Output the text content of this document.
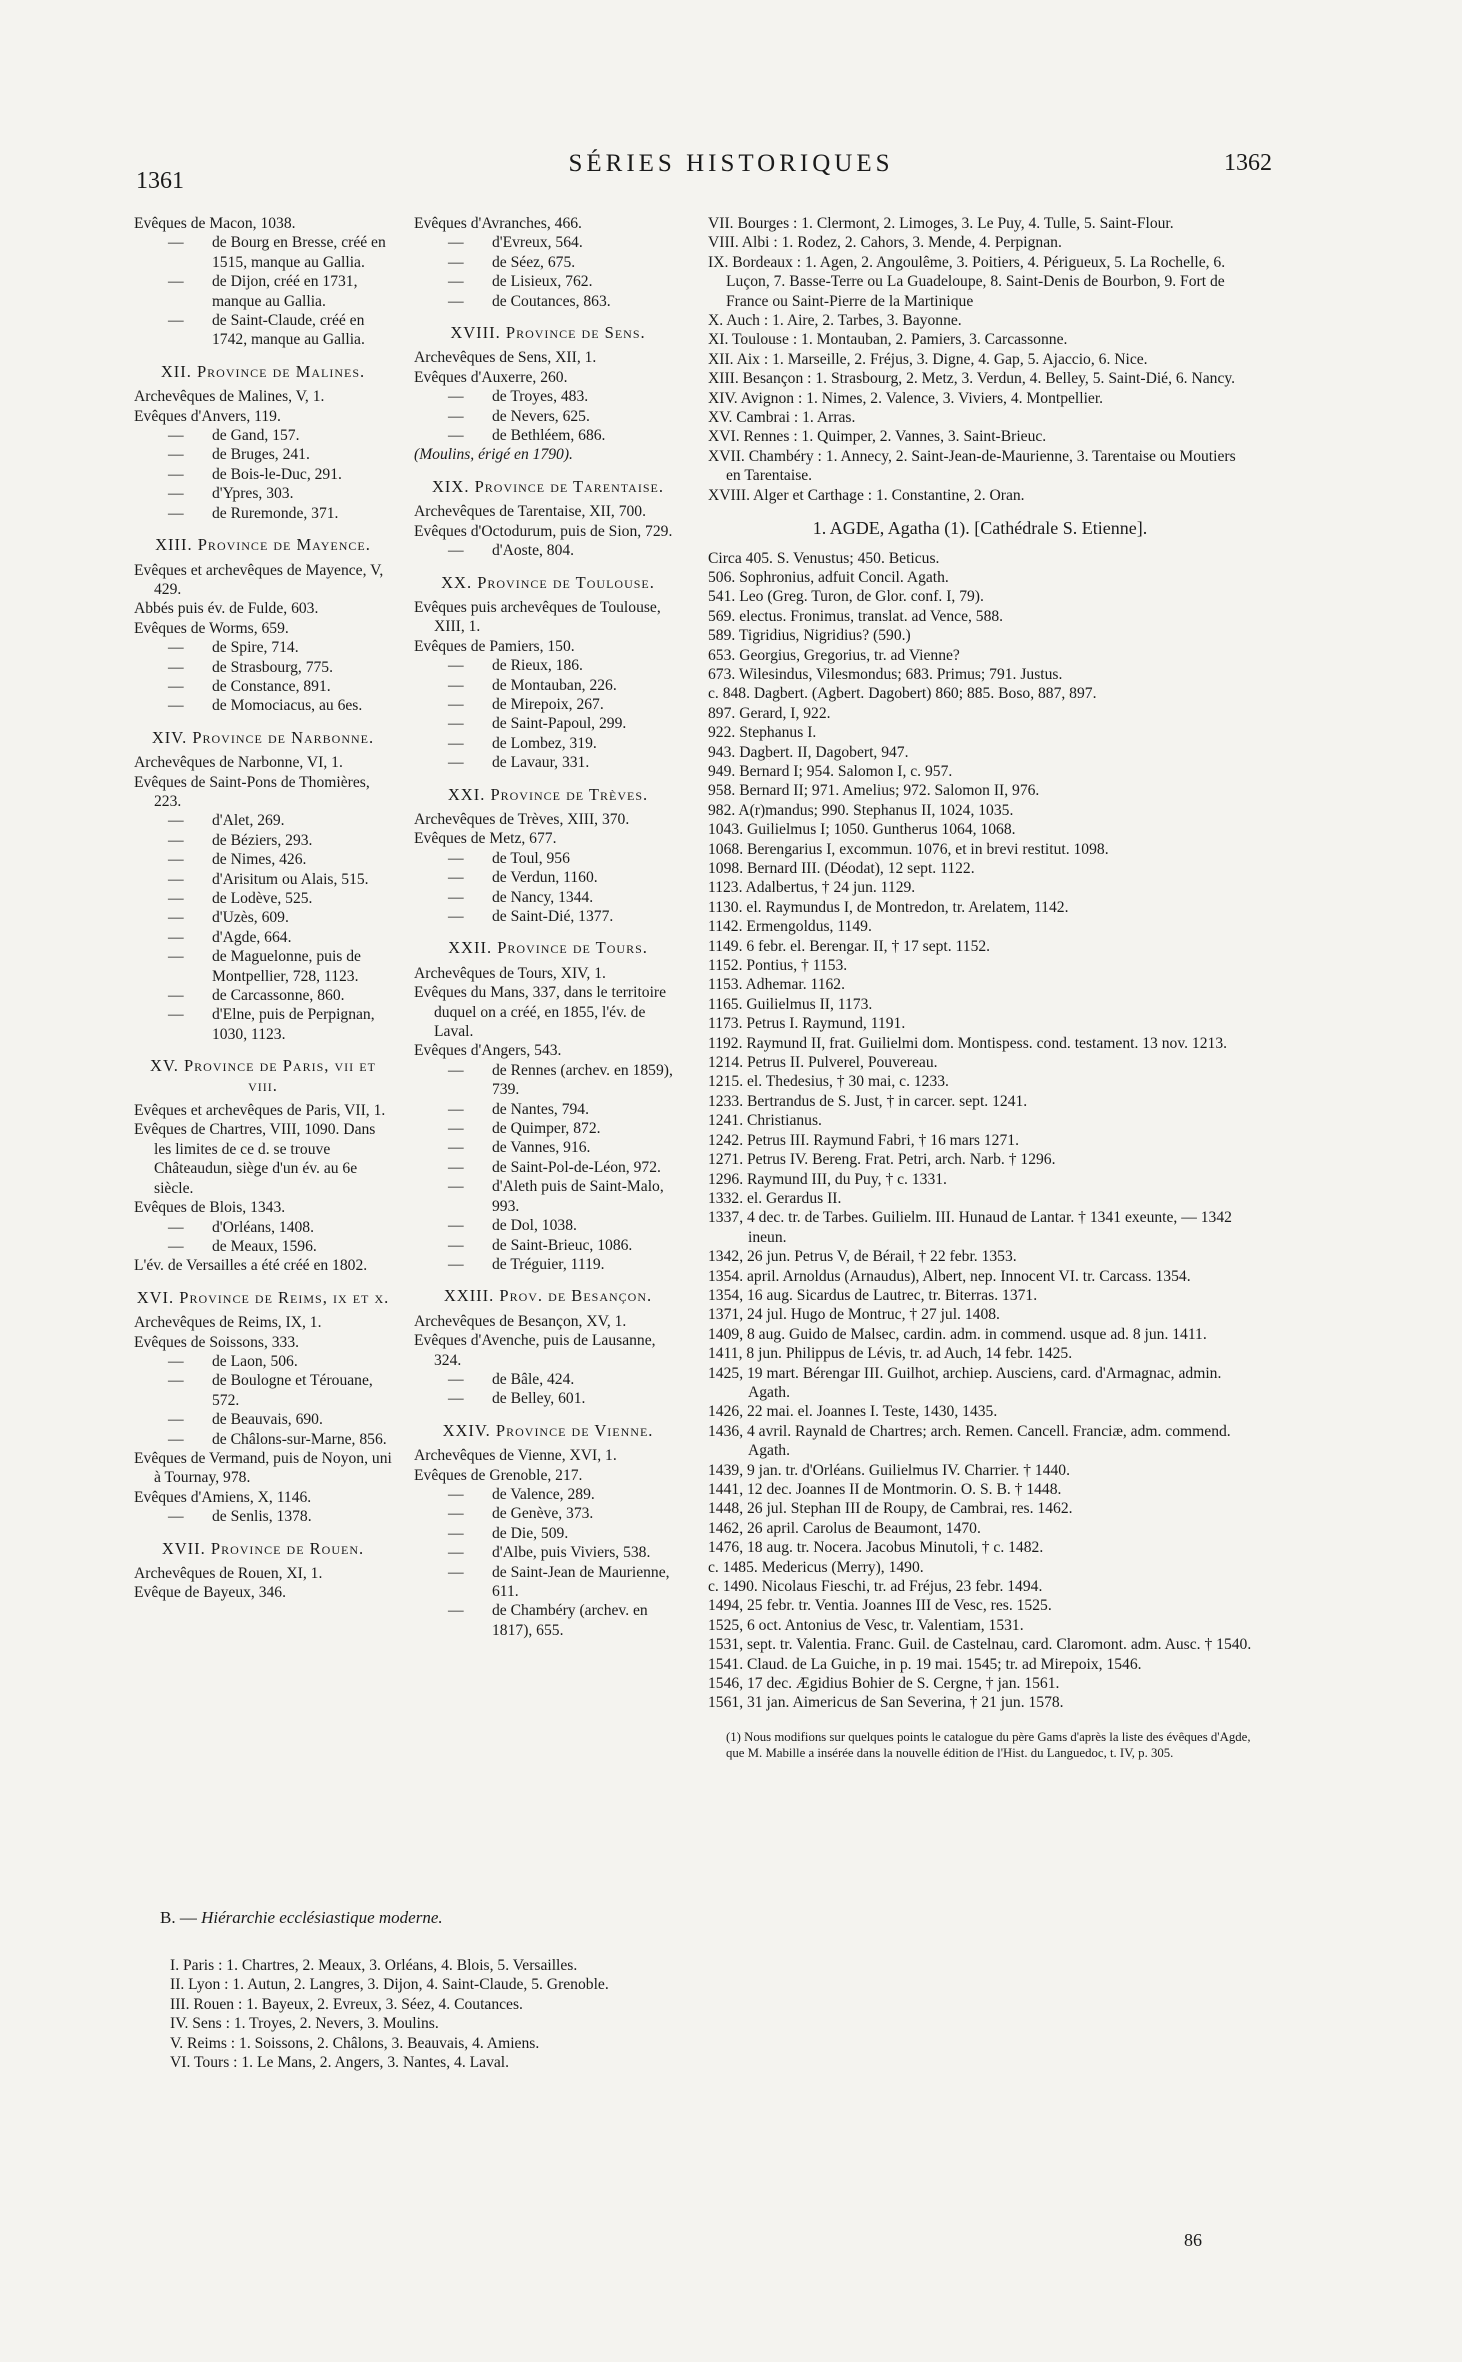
1361
SÉRIES HISTORIQUES	1362

Evêques de Macon, 1038.

— de Bourg en Bresse, créé en 1515, manque au Gallia.

— de Dijon, créé en 1731, manque au Gallia.

— de Saint-Claude, créé en 1742, manque au Gallia.

XII. Province de Malines.

Archevêques de Malines, V, 1.

Evêques d'Anvers, 119.

— de Gand, 157.

— de Bruges, 241.

— de Bois-le-Duc, 291.

— d'Ypres, 303.

— de Ruremonde, 371.

XIII. Province de Mayence.

Evêques et archevêques de Mayence, V, 429.

Abbés puis év. de Fulde, 603.

Evêques de Worms, 659.

— de Spire, 714.

— de Strasbourg, 775.

— de Constance, 891.

— de Momociacus, au 6es.

XIV. Province de Narbonne.

Archevêques de Narbonne, VI, 1.

Evêques de Saint-Pons de Thomières, 223.

— d'Alet, 269.

— de Béziers, 293.

— de Nimes, 426.

— d'Arisitum ou Alais, 515.

— de Lodève, 525.

— d'Uzès, 609.

— d'Agde, 664.

— de Maguelonne, puis de Montpellier, 728, 1123.

— de Carcassonne, 860.

— d'Elne, puis de Perpignan, 1030, 1123.

XV. Province de Paris, vii et viii.

Evêques et archevêques de Paris, VII, 1.

Evêques de Chartres, VIII, 1090. Dans les limites de ce d. se trouve Châteaudun, siège d'un év. au 6e siècle.

Evêques de Blois, 1343.

— d'Orléans, 1408.

— de Meaux, 1596.

L'év. de Versailles a été créé en 1802.

XVI. Province de Reims, ix et x.

Archevêques de Reims, IX, 1.

Evêques de Soissons, 333.

— de Laon, 506.

— de Boulogne et Térouane, 572.

— de Beauvais, 690.

— de Châlons-sur-Marne, 856.

Evêques de Vermand, puis de Noyon, uni à Tournay, 978.

Evêques d'Amiens, X, 1146.

— de Senlis, 1378.

XVII. Province de Rouen.

Archevêques de Rouen, XI, 1.

Evêque de Bayeux, 346.

Evêques d'Avranches, 466.

— d'Evreux, 564.

— de Séez, 675.

— de Lisieux, 762.

— de Coutances, 863.

XVIII. Province de Sens.

Archevêques de Sens, XII, 1.

Evêques d'Auxerre, 260.

— de Troyes, 483.

— de Nevers, 625.

— de Bethléem, 686.

(Moulins, érigé en 1790).

XIX. Province de Tarentaise.

Archevêques de Tarentaise, XII, 700.

Evêques d'Octodurum, puis de Sion, 729.

— d'Aoste, 804.

XX. Province de Toulouse.

Evêques puis archevêques de Toulouse, XIII, 1.

Evêques de Pamiers, 150.

— de Rieux, 186.

— de Montauban, 226.

— de Mirepoix, 267.

— de Saint-Papoul, 299.

— de Lombez, 319.

— de Lavaur, 331.

XXI. Province de Trèves.

Archevêques de Trèves, XIII, 370.

Evêques de Metz, 677.

— de Toul, 956

— de Verdun, 1160.

— de Nancy, 1344.

— de Saint-Dié, 1377.

XXII. Province de Tours.

Archevêques de Tours, XIV, 1.

Evêques du Mans, 337, dans le territoire duquel on a créé, en 1855, l'év. de Laval.

Evêques d'Angers, 543.

— de Rennes (archev. en 1859), 739.

— de Nantes, 794.

— de Quimper, 872.

— de Vannes, 916.

— de Saint-Pol-de-Léon, 972.

— d'Aleth puis de Saint-Malo, 993.

— de Dol, 1038.

— de Saint-Brieuc, 1086.

— de Tréguier, 1119.

XXIII. Prov. de Besançon.

Archevêques de Besançon, XV, 1.

Evêques d'Avenche, puis de Lausanne, 324.

— de Bâle, 424.

— de Belley, 601.

XXIV. Province de Vienne.

Archevêques de Vienne, XVI, 1.

Evêques de Grenoble, 217.

— de Valence, 289.

— de Genève, 373.

— de Die, 509.

— d'Albe, puis Viviers, 538.

— de Saint-Jean de Maurienne, 611.

— de Chambéry (archev. en 1817), 655.

VII. Bourges : 1. Clermont, 2. Limoges, 3. Le Puy, 4. Tulle, 5. Saint-Flour.

VIII. Albi : 1. Rodez, 2. Cahors, 3. Mende, 4. Perpignan.

IX. Bordeaux : 1. Agen, 2. Angoulême, 3. Poitiers, 4. Périgueux, 5. La Rochelle, 6. Luçon, 7. Basse-Terre ou La Guadeloupe, 8. Saint-Denis de Bourbon, 9. Fort de France ou Saint-Pierre de la Martinique

X. Auch : 1. Aire, 2. Tarbes, 3. Bayonne.

XI. Toulouse : 1. Montauban, 2. Pamiers, 3. Carcassonne.

XII. Aix : 1. Marseille, 2. Fréjus, 3. Digne, 4. Gap, 5. Ajaccio, 6. Nice.

XIII. Besançon : 1. Strasbourg, 2. Metz, 3. Verdun, 4. Belley, 5. Saint-Dié, 6. Nancy.

XIV. Avignon : 1. Nimes, 2. Valence, 3. Viviers, 4. Montpellier.

XV. Cambrai : 1. Arras.

XVI. Rennes : 1. Quimper, 2. Vannes, 3. Saint-Brieuc.

XVII. Chambéry : 1. Annecy, 2. Saint-Jean-de-Maurienne, 3. Tarentaise ou Moutiers en Tarentaise.

XVIII. Alger et Carthage : 1. Constantine, 2. Oran.

1. AGDE, Agatha (1). [Cathédrale S. Etienne].

Circa 405. S. Venustus; 450. Beticus.

506. Sophronius, adfuit Concil. Agath.

541. Leo (Greg. Turon, de Glor. conf. I, 79).

569. electus. Fronimus, translat. ad Vence, 588.

589. Tigridius, Nigridius? (590.)

653. Georgius, Gregorius, tr. ad Vienne?

673. Wilesindus, Vilesmondus; 683. Primus; 791. Justus.

c. 848. Dagbert. (Agbert. Dagobert) 860; 885. Boso, 887, 897.

897. Gerard, I, 922.

922. Stephanus I.

943. Dagbert. II, Dagobert, 947.

949. Bernard I; 954. Salomon I, c. 957.

958. Bernard II; 971. Amelius; 972. Salomon II, 976.

982. A(r)mandus; 990. Stephanus II, 1024, 1035.

1043. Guilielmus I; 1050. Guntherus 1064, 1068.

1068. Berengarius I, excommun. 1076, et in brevi restitut. 1098.

1098. Bernard III. (Déodat), 12 sept. 1122.

1123. Adalbertus, † 24 jun. 1129.

1130. el. Raymundus I, de Montredon, tr. Arelatem, 1142.

1142. Ermengoldus, 1149.

1149. 6 febr. el. Berengar. II, † 17 sept. 1152.

1152. Pontius, † 1153.

1153. Adhemar. 1162.

1165. Guilielmus II, 1173.

1173. Petrus I. Raymund, 1191.

1192. Raymund II, frat. Guilielmi dom. Montispess. cond. testament. 13 nov. 1213.

1214. Petrus II. Pulverel, Pouvereau.

1215. el. Thedesius, † 30 mai, c. 1233.

1233. Bertrandus de S. Just, † in carcer. sept. 1241.

1241. Christianus.

1242. Petrus III. Raymund Fabri, † 16 mars 1271.

1271. Petrus IV. Bereng. Frat. Petri, arch. Narb. † 1296.

1296. Raymund III, du Puy, † c. 1331.

1332. el. Gerardus II.

1337, 4 dec. tr. de Tarbes. Guilielm. III. Hunaud de Lantar. † 1341 exeunte, — 1342 ineun.

1342, 26 jun. Petrus V, de Bérail, † 22 febr. 1353.

1354. april. Arnoldus (Arnaudus), Albert, nep. Innocent VI. tr. Carcass. 1354.

1354, 16 aug. Sicardus de Lautrec, tr. Biterras. 1371.

1371, 24 jul. Hugo de Montruc, † 27 jul. 1408.

1409, 8 aug. Guido de Malsec, cardin. adm. in commend. usque ad. 8 jun. 1411.

1411, 8 jun. Philippus de Lévis, tr. ad Auch, 14 febr. 1425.

1425, 19 mart. Bérengar III. Guilhot, archiep. Ausciens, card. d'Armagnac, admin. Agath.

1426, 22 mai. el. Joannes I. Teste, 1430, 1435.

1436, 4 avril. Raynald de Chartres; arch. Remen. Cancell. Franciæ, adm. commend. Agath.

1439, 9 jan. tr. d'Orléans. Guilielmus IV. Charrier. † 1440.

1441, 12 dec. Joannes II de Montmorin. O. S. B. † 1448.

1448, 26 jul. Stephan III de Roupy, de Cambrai, res. 1462.

1462, 26 april. Carolus de Beaumont, 1470.

1476, 18 aug. tr. Nocera. Jacobus Minutoli, † c. 1482.

c. 1485. Medericus (Merry), 1490.

c. 1490. Nicolaus Fieschi, tr. ad Fréjus, 23 febr. 1494.

1494, 25 febr. tr. Ventia. Joannes III de Vesc, res. 1525.

1525, 6 oct. Antonius de Vesc, tr. Valentiam, 1531.

1531, sept. tr. Valentia. Franc. Guil. de Castelnau, card. Claromont. adm. Ausc. † 1540.

1541. Claud. de La Guiche, in p. 19 mai. 1545; tr. ad Mirepoix, 1546.

1546, 17 dec. Ægidius Bohier de S. Cergne, † jan. 1561.

1561, 31 jan. Aimericus de San Severina, † 21 jun. 1578.

(1) Nous modifions sur quelques points le catalogue du père Gams d'après la liste des évêques d'Agde, que M. Mabille a insérée dans la nouvelle édition de l'Hist. du Languedoc, t. IV, p. 305.
B. — Hiérarchie ecclésiastique moderne.

I. Paris : 1. Chartres, 2. Meaux, 3. Orléans, 4. Blois, 5. Versailles.

II. Lyon : 1. Autun, 2. Langres, 3. Dijon, 4. Saint-Claude, 5. Grenoble.

III. Rouen : 1. Bayeux, 2. Evreux, 3. Séez, 4. Coutances.

IV. Sens : 1. Troyes, 2. Nevers, 3. Moulins.

V. Reims : 1. Soissons, 2. Châlons, 3. Beauvais, 4. Amiens.

VI. Tours : 1. Le Mans, 2. Angers, 3. Nantes, 4. Laval.

86
